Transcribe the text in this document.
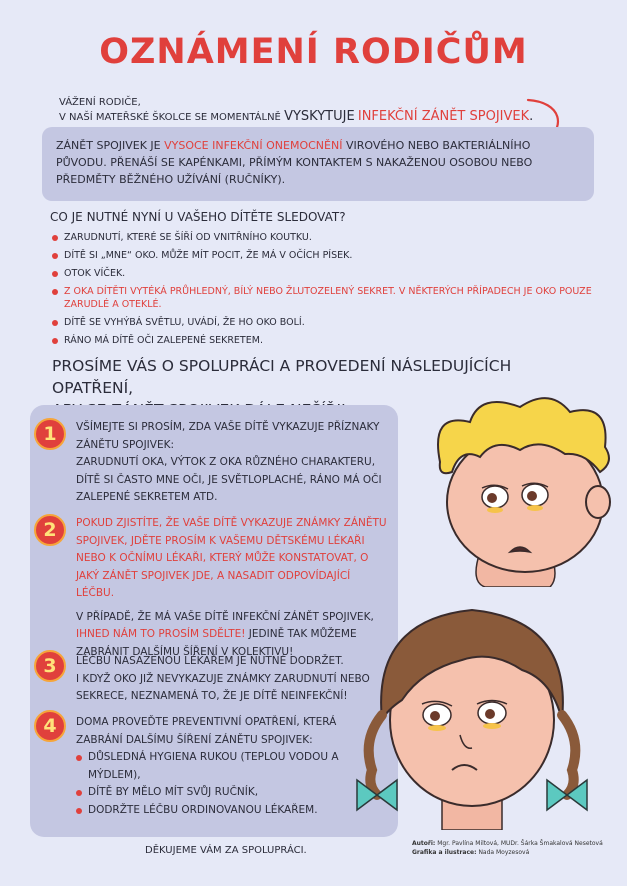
OZNÁMENÍ RODIČŮM
VÁŽENÍ RODIČE,
V NAŠÍ MATEŘSKÉ ŠKOLCE SE MOMENTÁLNĚ VYSKYTUJE INFEKČNÍ ZÁNĚT SPOJIVEK.
ZÁNĚT SPOJIVEK JE VYSOCE INFEKČNÍ ONEMOCNĚNÍ VIROVÉHO NEBO BAKTERIÁLNÍHO PŮVODU. PŘENÁŠÍ SE KAPÉNKAMI, PŘÍMÝM KONTAKTEM S NAKAŽENOU OSOBOU NEBO PŘEDMĚTY BĚŽNÉHO UŽÍVÁNÍ (RUČNÍKY).
CO JE NUTNÉ NYNÍ U VAŠEHO DÍTĚTE SLEDOVAT?
ZARUDNUTÍ, KTERÉ SE ŠÍŘÍ OD VNITŘNÍHO KOUTKU.
DÍTĚ SI „MNE“ OKO. MŮŽE MÍT POCIT, ŽE MÁ V OČÍCH PÍSEK.
OTOK VÍČEK.
Z OKA DÍTĚTI VYTÉKÁ PRŮHLEDNÝ, BÍLÝ NEBO ŽLUTOZELENÝ SEKRET. V NĚKTERÝCH PŘÍPADECH JE OKO POUZE ZARUDLÉ A OTEKLÉ.
DÍTĚ SE VYHÝBÁ SVĚTLU, UVÁDÍ, ŽE HO OKO BOLÍ.
RÁNO MÁ DÍTĚ OČI ZALEPENÉ SEKRETEM.
PROSÍME VÁS O SPOLUPRÁCI A PROVEDENÍ NÁSLEDUJÍCÍCH OPATŘENÍ,
1	VŠÍMEJTE SI PROSÍM, ZDA VAŠE DÍTĚ VYKAZUJE PŘÍZNAKY ZÁNĚTU SPOJIVEK:

ZARUDNUTÍ OKA, VÝTOK Z OKA RŮZNÉHO CHARAKTERU, DÍTĚ SI ČASTO MNE OČI, JE SVĚTLOPLACHÉ, RÁNO MÁ OČI ZALEPENÉ SEKRETEM ATD.

2	POKUD ZJISTÍTE, ŽE VAŠE DÍTĚ VYKAZUJE ZNÁMKY ZÁNĚTU SPOJIVEK, JDĚTE PROSÍM K VAŠEMU DĚTSKÉMU LÉKAŘI NEBO K OČNÍMU LÉKAŘI, KTERÝ MŮŽE KONSTATOVAT, O JAKÝ ZÁNĚT SPOJIVEK JDE, A NASADIT ODPOVÍDAJÍCÍ LÉČBU.

V PŘÍPADĚ, ŽE MÁ VAŠE DÍTĚ INFEKČNÍ ZÁNĚT SPOJIVEK, IHNED NÁM TO PROSÍM SDĚLTE! JEDINĚ TAK MŮŽEME ZABRÁNIT DALŠÍMU ŠÍŘENÍ V KOLEKTIVU!

3	LÉČBU NASAZENOU LÉKAŘEM JE NUTNÉ DODRŽET.

I KDYŽ OKO JIŽ NEVYKAZUJE ZNÁMKY ZARUDNUTÍ NEBO SEKRECE, NEZNAMENÁ TO, ŽE JE DÍTĚ NEINFEKČNÍ!

4	DOMA PROVEĎTE PREVENTIVNÍ OPATŘENÍ, KTERÁ ZABRÁNÍ DALŠÍMU ŠÍŘENÍ ZÁNĚTU SPOJIVEK:

DŮSLEDNÁ HYGIENA RUKOU (TEPLOU VODOU A MÝDLEM),
DÍTĚ BY MĚLO MÍT SVŮJ RUČNÍK,
DODRŽTE LÉČBU ORDINOVANOU LÉKAŘEM.
DĚKUJEME VÁM ZA SPOLUPRÁCI.
Autoři: Mgr. Pavlína Miltová, MUDr. Šárka Šmakalová Nesetová
Grafika a ilustrace: Nada Moyzesová
